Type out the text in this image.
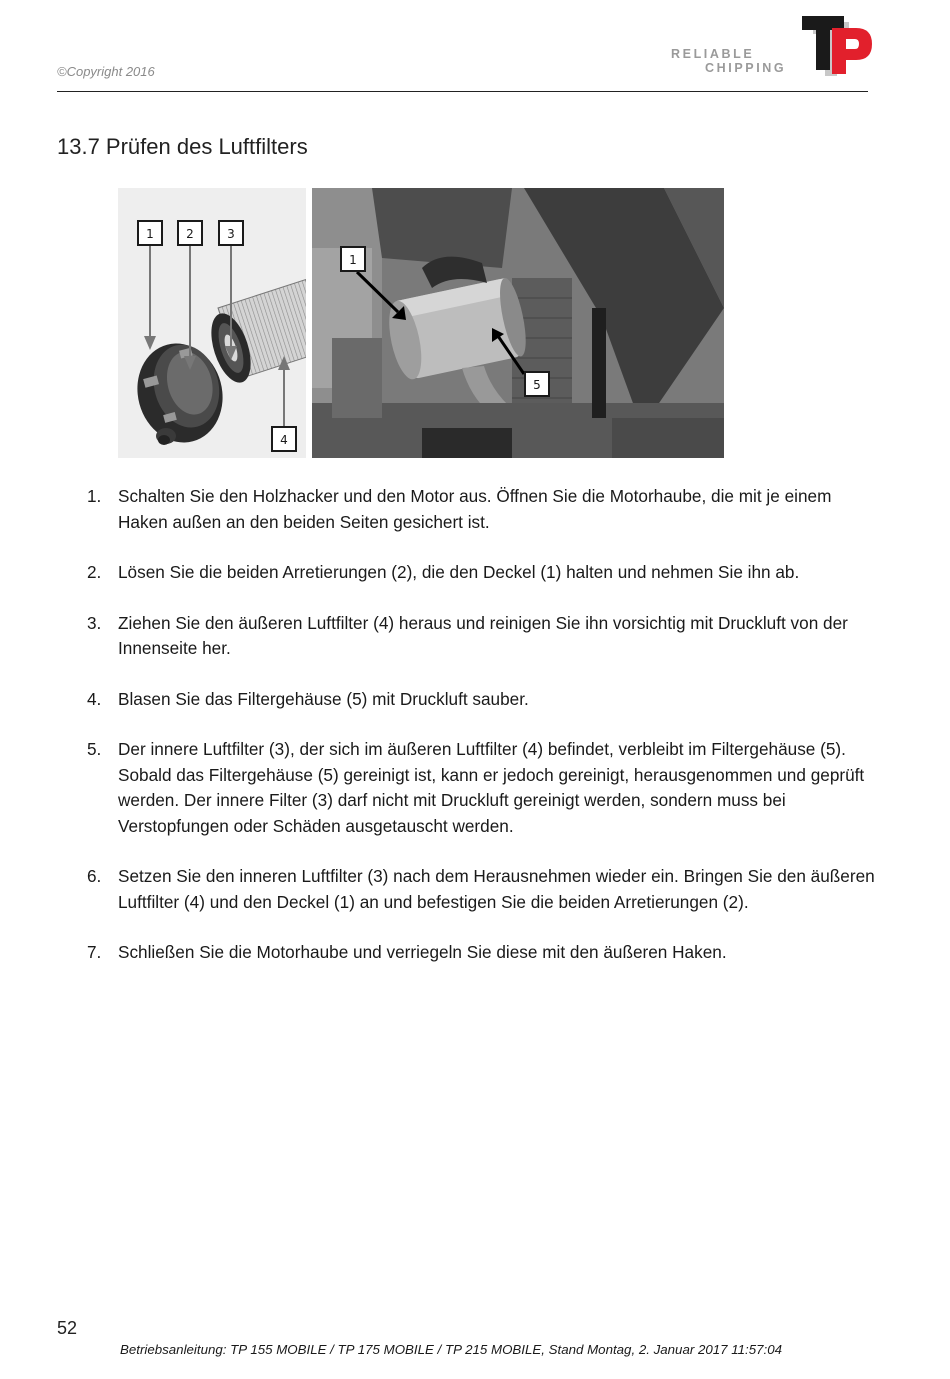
©Copyright 2016
RELIABLE
CHIPPING
13.7 Prüfen des Luftfilters
1	2	3
4
1
5
1. Schalten Sie den Holzhacker und den Motor aus. Öffnen Sie die Motorhaube, die mit je einem Haken außen an den beiden Seiten gesichert ist.
2. Lösen Sie die beiden Arretierungen (2), die den Deckel (1) halten und nehmen Sie ihn ab.
3. Ziehen Sie den äußeren Luftfilter (4) heraus und reinigen Sie ihn vorsichtig mit Druckluft von der Innenseite her.
4. Blasen Sie das Filtergehäuse (5) mit Druckluft sauber.
5. Der innere Luftfilter (3), der sich im äußeren Luftfilter (4) befindet, verbleibt im Filtergehäuse (5). Sobald das Filtergehäuse (5) gereinigt ist, kann er jedoch gereinigt, herausgenommen und geprüft werden. Der innere Filter (3) darf nicht mit Druckluft gereinigt werden, sondern muss bei Verstopfungen oder Schäden ausgetauscht werden.
6. Setzen Sie den inneren Luftfilter (3) nach dem Herausnehmen wieder ein. Bringen Sie den äußeren Luftfilter (4) und den Deckel (1) an und befestigen Sie die beiden Arretierungen (2).
7. Schließen Sie die Motorhaube und verriegeln Sie diese mit den äußeren Haken.
52
Betriebsanleitung: TP 155 MOBILE / TP 175 MOBILE / TP 215 MOBILE, Stand Montag, 2. Januar 2017 11:57:04
